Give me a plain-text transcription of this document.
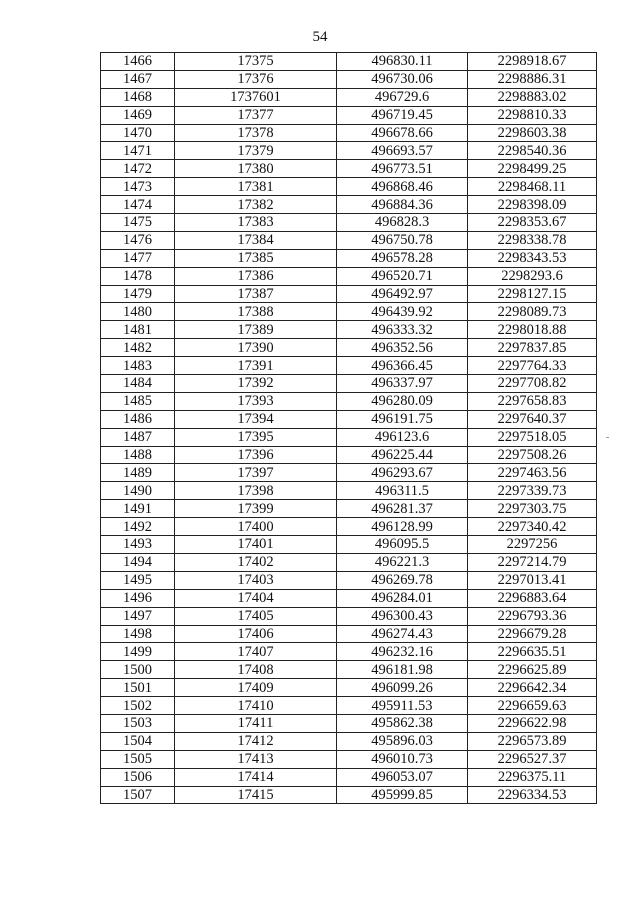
54
1466	17375	496830.11	2298918.67
1467	17376	496730.06	2298886.31
1468	1737601	496729.6	2298883.02
1469	17377	496719.45	2298810.33
1470	17378	496678.66	2298603.38
1471	17379	496693.57	2298540.36
1472	17380	496773.51	2298499.25
1473	17381	496868.46	2298468.11
1474	17382	496884.36	2298398.09
1475	17383	496828.3	2298353.67
1476	17384	496750.78	2298338.78
1477	17385	496578.28	2298343.53
1478	17386	496520.71	2298293.6
1479	17387	496492.97	2298127.15
1480	17388	496439.92	2298089.73
1481	17389	496333.32	2298018.88
1482	17390	496352.56	2297837.85
1483	17391	496366.45	2297764.33
1484	17392	496337.97	2297708.82
1485	17393	496280.09	2297658.83
1486	17394	496191.75	2297640.37
1487	17395	496123.6	2297518.05
1488	17396	496225.44	2297508.26
1489	17397	496293.67	2297463.56
1490	17398	496311.5	2297339.73
1491	17399	496281.37	2297303.75
1492	17400	496128.99	2297340.42
1493	17401	496095.5	2297256
1494	17402	496221.3	2297214.79
1495	17403	496269.78	2297013.41
1496	17404	496284.01	2296883.64
1497	17405	496300.43	2296793.36
1498	17406	496274.43	2296679.28
1499	17407	496232.16	2296635.51
1500	17408	496181.98	2296625.89
1501	17409	496099.26	2296642.34
1502	17410	495911.53	2296659.63
1503	17411	495862.38	2296622.98
1504	17412	495896.03	2296573.89
1505	17413	496010.73	2296527.37
1506	17414	496053.07	2296375.11
1507	17415	495999.85	2296334.53
